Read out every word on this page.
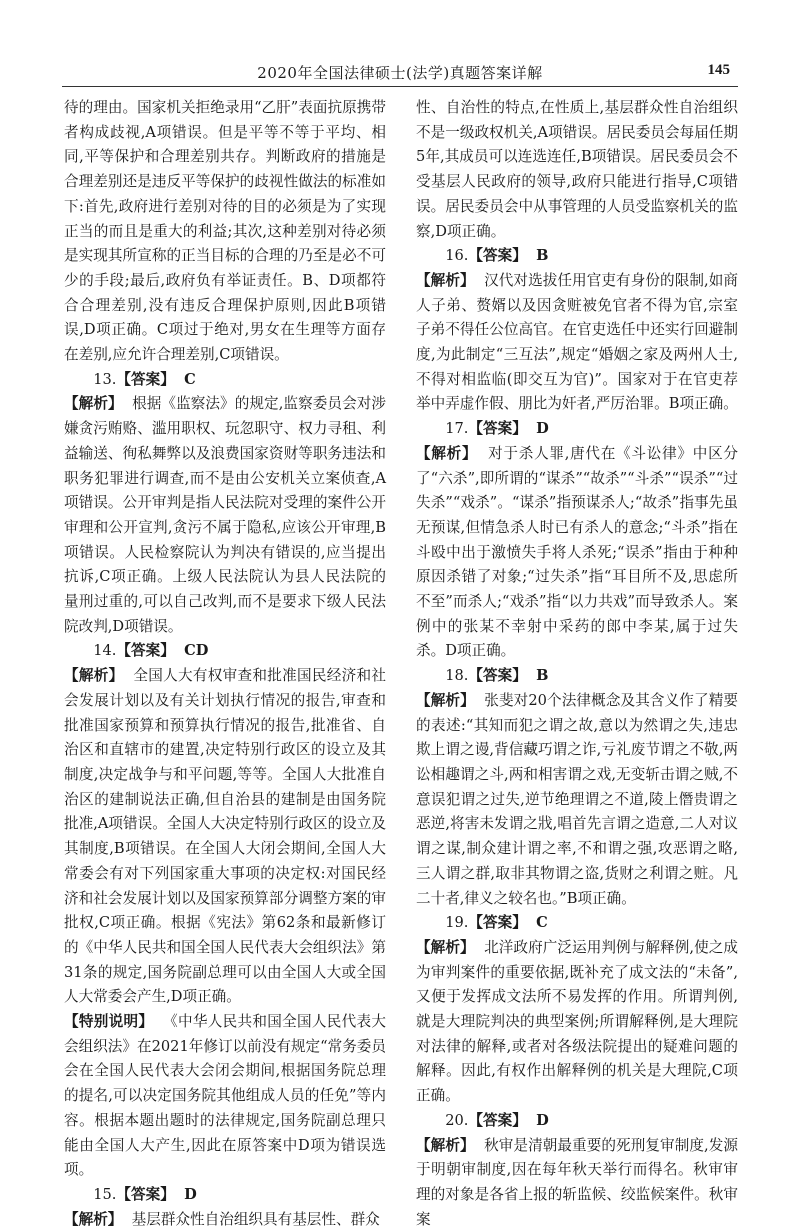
2020年全国法律硕士(法学)真题答案详解	145

待的理由。国家机关拒绝录用“乙肝”表面抗原携带者构成歧视,A项错误。但是平等不等于平均、相同,平等保护和合理差别共存。判断政府的措施是合理差别还是违反平等保护的歧视性做法的标准如下:首先,政府进行差别对待的目的必须是为了实现正当的而且是重大的利益;其次,这种差别对待必须是实现其所宣称的正当目标的合理的乃至是必不可少的手段;最后,政府负有举证责任。B、D项都符合合理差别,没有违反合理保护原则,因此B项错误,D项正确。C项过于绝对,男女在生理等方面存在差别,应允许合理差别,C项错误。

13.【答案】 C

【解析】 根据《监察法》的规定,监察委员会对涉嫌贪污贿赂、滥用职权、玩忽职守、权力寻租、利益输送、徇私舞弊以及浪费国家资财等职务违法和职务犯罪进行调查,而不是由公安机关立案侦查,A项错误。公开审判是指人民法院对受理的案件公开审理和公开宣判,贪污不属于隐私,应该公开审理,B项错误。人民检察院认为判决有错误的,应当提出抗诉,C项正确。上级人民法院认为县人民法院的量刑过重的,可以自己改判,而不是要求下级人民法院改判,D项错误。

14.【答案】 CD

【解析】 全国人大有权审查和批准国民经济和社会发展计划以及有关计划执行情况的报告,审查和批准国家预算和预算执行情况的报告,批准省、自治区和直辖市的建置,决定特别行政区的设立及其制度,决定战争与和平问题,等等。全国人大批准自治区的建制说法正确,但自治县的建制是由国务院批准,A项错误。全国人大决定特别行政区的设立及其制度,B项错误。在全国人大闭会期间,全国人大常委会有对下列国家重大事项的决定权:对国民经济和社会发展计划以及国家预算部分调整方案的审批权,C项正确。根据《宪法》第62条和最新修订的《中华人民共和国全国人民代表大会组织法》第31条的规定,国务院副总理可以由全国人大或全国人大常委会产生,D项正确。

【特别说明】 《中华人民共和国全国人民代表大会组织法》在2021年修订以前没有规定“常务委员会在全国人民代表大会闭会期间,根据国务院总理的提名,可以决定国务院其他组成人员的任免”等内容。根据本题出题时的法律规定,国务院副总理只能由全国人大产生,因此在原答案中D项为错误选项。

15.【答案】 D

【解析】 基层群众性自治组织具有基层性、群众

性、自治性的特点,在性质上,基层群众性自治组织不是一级政权机关,A项错误。居民委员会每届任期5年,其成员可以连选连任,B项错误。居民委员会不受基层人民政府的领导,政府只能进行指导,C项错误。居民委员会中从事管理的人员受监察机关的监察,D项正确。

16.【答案】 B

【解析】 汉代对选拔任用官吏有身份的限制,如商人子弟、赘婿以及因贪赃被免官者不得为官,宗室子弟不得任公位高官。在官吏选任中还实行回避制度,为此制定“三互法”,规定“婚姻之家及两州人士,不得对相监临(即交互为官)”。国家对于在官吏荐举中弄虚作假、朋比为奸者,严厉治罪。B项正确。

17.【答案】 D

【解析】 对于杀人罪,唐代在《斗讼律》中区分了“六杀”,即所谓的“谋杀”“故杀”“斗杀”“误杀”“过失杀”“戏杀”。“谋杀”指预谋杀人;“故杀”指事先虽无预谋,但情急杀人时已有杀人的意念;“斗杀”指在斗殴中出于激愤失手将人杀死;“误杀”指由于种种原因杀错了对象;“过失杀”指“耳目所不及,思虑所不至”而杀人;“戏杀”指“以力共戏”而导致杀人。案例中的张某不幸射中采药的郎中李某,属于过失杀。D项正确。

18.【答案】 B

【解析】 张斐对20个法律概念及其含义作了精要的表述:“其知而犯之谓之故,意以为然谓之失,违忠欺上谓之谩,背信藏巧谓之诈,亏礼废节谓之不敬,两讼相趣谓之斗,两和相害谓之戏,无变斩击谓之贼,不意误犯谓之过失,逆节绝理谓之不道,陵上僭贵谓之恶逆,将害未发谓之戕,唱首先言谓之造意,二人对议谓之谋,制众建计谓之率,不和谓之强,攻恶谓之略,三人谓之群,取非其物谓之盗,货财之利谓之赃。凡二十者,律义之较名也。”B项正确。

19.【答案】 C

【解析】 北洋政府广泛运用判例与解释例,使之成为审判案件的重要依据,既补充了成文法的“未备”,又便于发挥成文法所不易发挥的作用。所谓判例,就是大理院判决的典型案例;所谓解释例,是大理院对法律的解释,或者对各级法院提出的疑难问题的解释。因此,有权作出解释例的机关是大理院,C项正确。

20.【答案】 D

【解析】 秋审是清朝最重要的死刑复审制度,发源于明朝审制度,因在每年秋天举行而得名。秋审审理的对象是各省上报的斩监候、绞监候案件。秋审案
